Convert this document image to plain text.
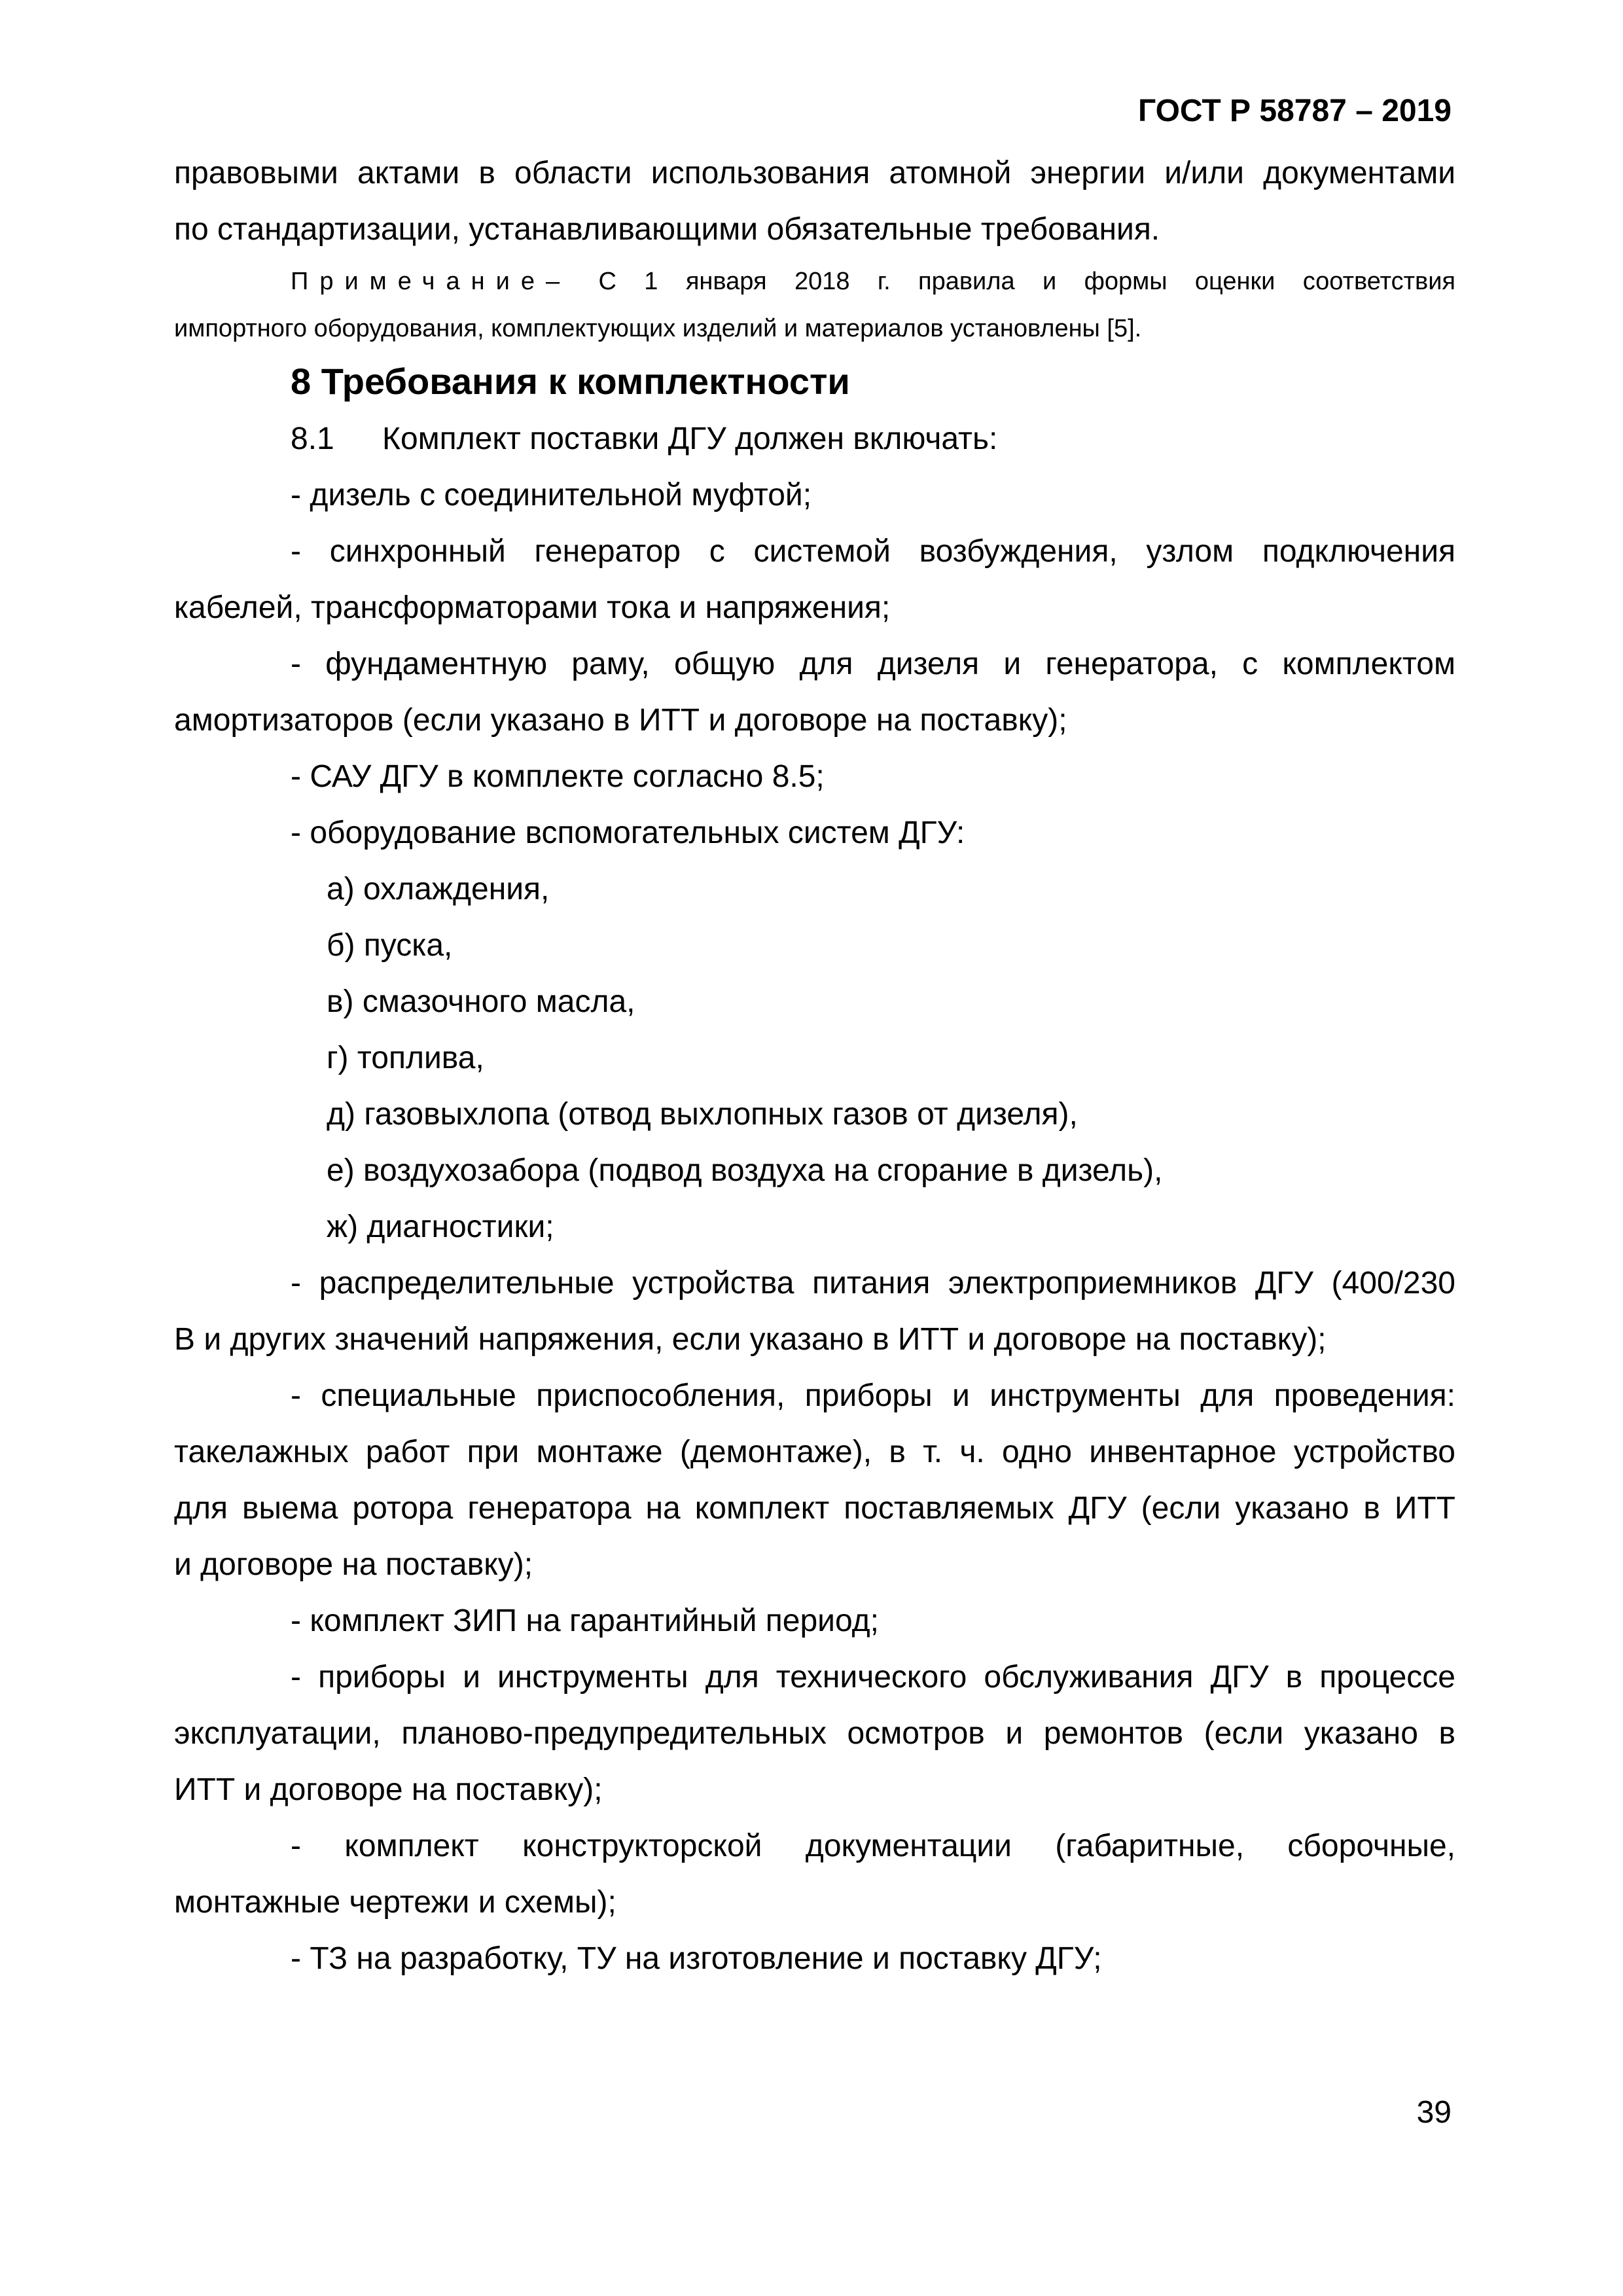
ГОСТ Р 58787 – 2019

правовыми актами в области использования атомной энергии и/или документами

по стандартизации, устанавливающими обязательные требования.

Примечание– С 1 января 2018 г. правила и формы оценки соответствия

импортного оборудования, комплектующих изделий и материалов установлены [5].

8 Требования к комплектности

8.1 Комплект поставки ДГУ должен включать:

- дизель с соединительной муфтой;

- синхронный генератор с системой возбуждения, узлом подключения

кабелей, трансформаторами тока и напряжения;

- фундаментную раму, общую для дизеля и генератора, с комплектом

амортизаторов (если указано в ИТТ и договоре на поставку);

- САУ ДГУ в комплекте согласно 8.5;

- оборудование вспомогательных систем ДГУ:

а) охлаждения,

б) пуска,

в) смазочного масла,

г) топлива,

д) газовыхлопа (отвод выхлопных газов от дизеля),

е) воздухозабора (подвод воздуха на сгорание в дизель),

ж) диагностики;

- распределительные устройства питания электроприемников ДГУ (400/230

В и других значений напряжения, если указано в ИТТ и договоре на поставку);

- специальные приспособления, приборы и инструменты для проведения:

такелажных работ при монтаже (демонтаже), в т. ч. одно инвентарное устройство

для выема ротора генератора на комплект поставляемых ДГУ (если указано в ИТТ

и договоре на поставку);

- комплект ЗИП на гарантийный период;

- приборы и инструменты для технического обслуживания ДГУ в процессе

эксплуатации, планово-предупредительных осмотров и ремонтов (если указано в

ИТТ и договоре на поставку);

- комплект конструкторской документации (габаритные, сборочные,

монтажные чертежи и схемы);

- ТЗ на разработку, ТУ на изготовление и поставку ДГУ;

39
